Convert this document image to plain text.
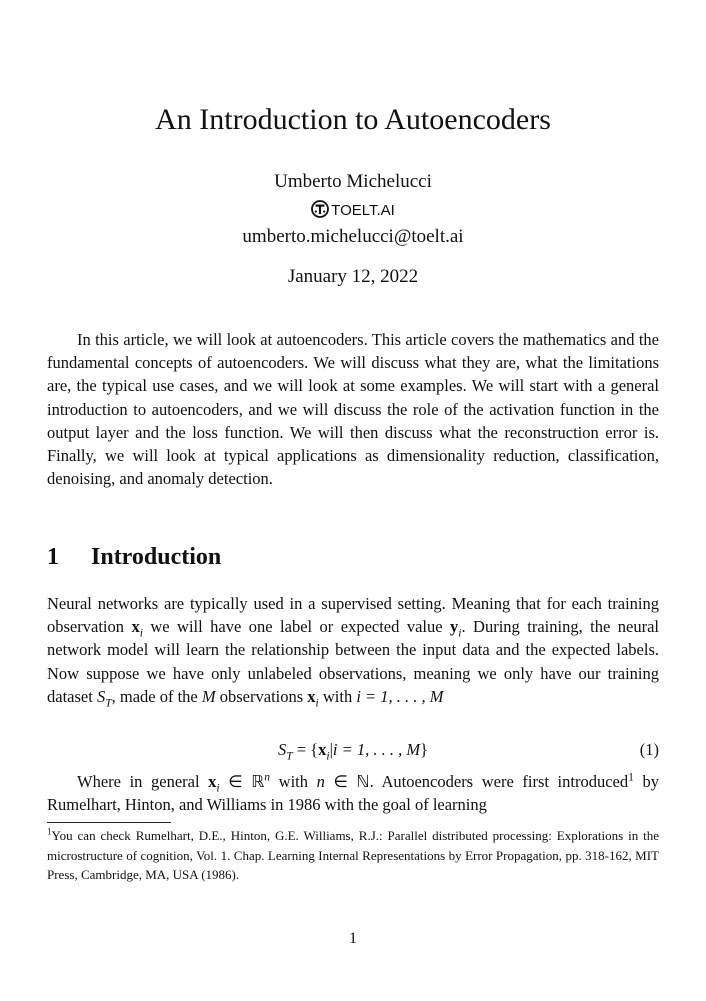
An Introduction to Autoencoders
Umberto Michelucci
TOELT.AI
umberto.michelucci@toelt.ai
January 12, 2022

In this article, we will look at autoencoders. This article covers the mathematics and the fundamental concepts of autoencoders. We will discuss what they are, what the limitations are, the typical use cases, and we will look at some examples. We will start with a general introduction to autoencoders, and we will discuss the role of the activation function in the output layer and the loss function. We will then discuss what the reconstruction error is. Finally, we will look at typical applications as dimensionality reduction, classification, denoising, and anomaly detection.

1 Introduction

Neural networks are typically used in a supervised setting. Meaning that for each training observation $x_i$ we will have one label or expected value $y_i$. During training, the neural network model will learn the relationship between the input data and the expected labels. Now suppose we have only unlabeled observations, meaning we only have our training dataset $S_T$, made of the M observations $x_i$ with i = 1, . . . , M

$S_T = \{x_i|i = 1$, . . . , M}	(1)

Where in general $x_i$ ∈ ℝ$^n$ with n ∈ ℕ. Autoencoders were first introduced$^1$ by Rumelhart, Hinton, and Williams in 1986 with the goal of learning

$^1$You can check Rumelhart, D.E., Hinton, G.E. Williams, R.J.: Parallel distributed processing: Explorations in the microstructure of cognition, Vol. 1. Chap. Learning Internal Representations by Error Propagation, pp. 318-162, MIT Press, Cambridge, MA, USA (1986).

1
